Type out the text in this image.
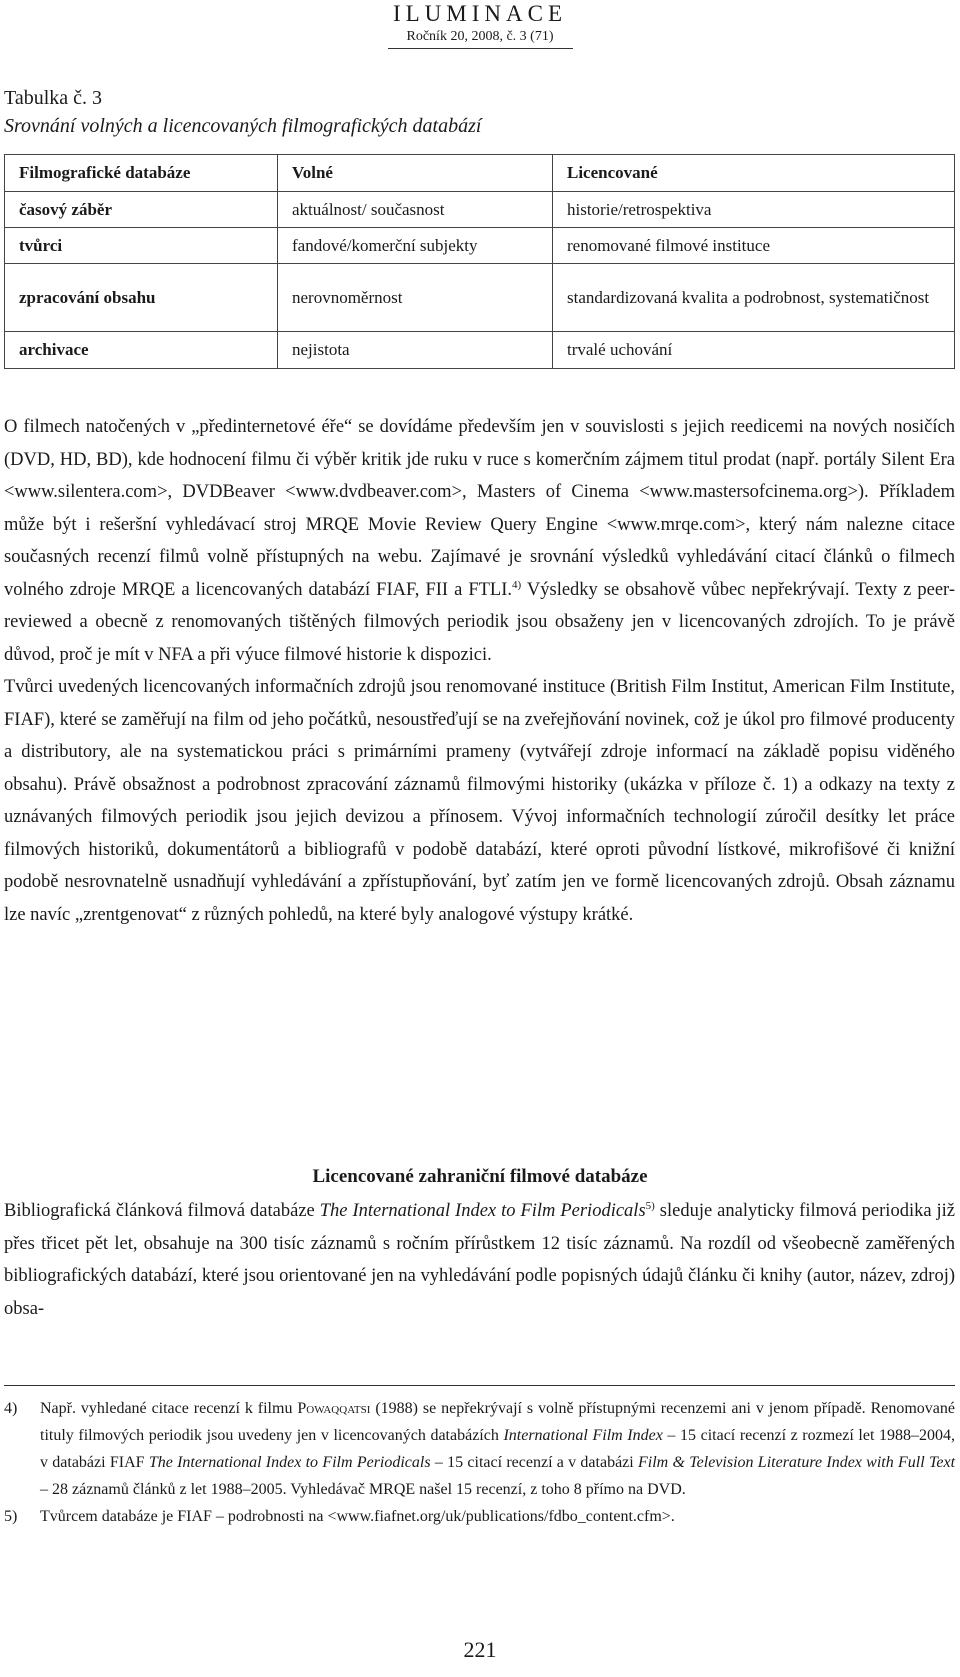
ILUMINACE
Ročník 20, 2008, č. 3 (71)
Tabulka č. 3
Srovnání volných a licencovaných filmografických databází
Filmografické databáze	Volné	Licencované
časový záběr	aktuálnost/ současnost	historie/retrospektiva
tvůrci	fandové/komerční subjekty	renomované filmové instituce
zpracování obsahu	nerovnoměrnost	standardizovaná kvalita a podrobnost, systematičnost
archivace	nejistota	trvalé uchování

O filmech natočených v „předinternetové éře“ se dovídáme především jen v souvislosti s jejich reedicemi na nových nosičích (DVD, HD, BD), kde hodnocení filmu či výběr kritik jde ruku v ruce s komerčním zájmem titul prodat (např. portály Silent Era <www.silentera.com>, DVDBeaver <www.dvdbeaver.com>, Masters of Cinema <www.mastersofcinema.org>). Příkladem může být i rešeršní vyhledávací stroj MRQE Movie Review Query Engine <www.mrqe.com>, který nám nalezne citace současných recenzí filmů volně přístupných na webu. Zajímavé je srovnání výsledků vyhledávání citací článků o filmech volného zdroje MRQE a licencovaných databází FIAF, FII a FTLI.$^{4)}$ Výsledky se obsahově vůbec nepřekrývají. Texty z peer-reviewed a obecně z renomovaných tištěných filmových periodik jsou obsaženy jen v licencovaných zdrojích. To je právě důvod, proč je mít v NFA a při výuce filmové historie k dispozici.

Tvůrci uvedených licencovaných informačních zdrojů jsou renomované instituce (British Film Institut, American Film Institute, FIAF), které se zaměřují na film od jeho počátků, nesoustřeďují se na zveřejňování novinek, což je úkol pro filmové producenty a distributory, ale na systematickou práci s primárními prameny (vytvářejí zdroje informací na základě popisu viděného obsahu). Právě obsažnost a podrobnost zpracování záznamů filmovými historiky (ukázka v příloze č. 1) a odkazy na texty z uznávaných filmových periodik jsou jejich devizou a přínosem. Vývoj informačních technologií zúročil desítky let práce filmových historiků, dokumentátorů a bibliografů v podobě databází, které oproti původní lístkové, mikrofišové či knižní podobě nesrovnatelně usnadňují vyhledávání a zpřístupňování, byť zatím jen ve formě licencovaných zdrojů. Obsah záznamu lze navíc „zrentgenovat“ z různých pohledů, na které byly analogové výstupy krátké.

Licencované zahraniční filmové databáze
Bibliografická článková filmová databáze The International Index to Film Periodicals$^{5)}$ sleduje analyticky filmová periodika již přes třicet pět let, obsahuje na 300 tisíc záznamů s ročním přírůstkem 12 tisíc záznamů. Na rozdíl od všeobecně zaměřených bibliografických databází, které jsou orientované jen na vyhledávání podle popisných údajů článku či knihy (autor, název, zdroj) obsa-
4)	Např. vyhledané citace recenzí k filmu Powaqqatsi (1988) se nepřekrývají s volně přístupnými recenzemi ani v jenom případě. Renomované tituly filmových periodik jsou uvedeny jen v licencovaných databázích International Film Index – 15 citací recenzí z rozmezí let 1988–2004, v databázi FIAF The International Index to Film Periodicals – 15 citací recenzí a v databázi Film & Television Literature Index with Full Text – 28 záznamů článků z let 1988–2005. Vyhledávač MRQE našel 15 recenzí, z toho 8 přímo na DVD.
5)	Tvůrcem databáze je FIAF – podrobnosti na <www.fiafnet.org/uk/publications/fdbo_content.cfm>.
221
